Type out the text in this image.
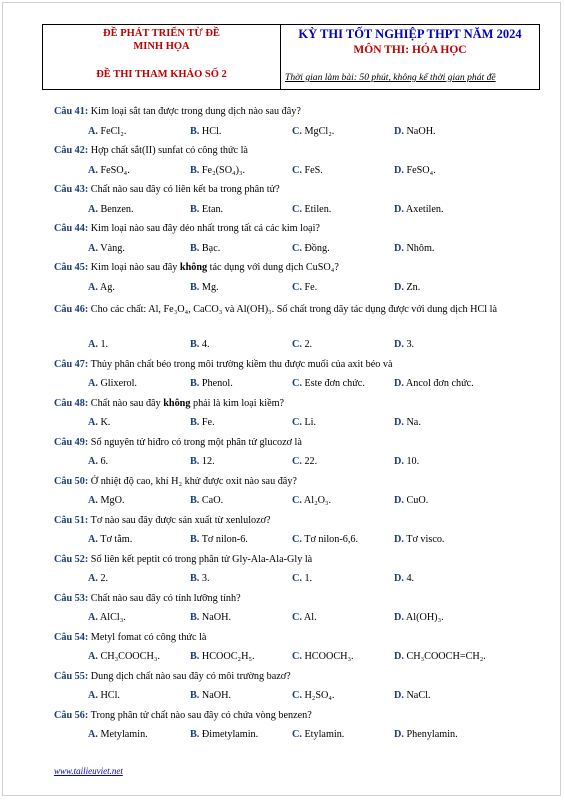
ĐỀ PHÁT TRIỂN TỪ ĐỀ
MINH HỌA
ĐỀ THI THAM KHẢO SỐ 2
KỲ THI TỐT NGHIỆP THPT NĂM 2024
MÔN THI: HÓA HỌC
Thời gian làm bài: 50 phút, không kể thời gian phát đề
Câu 41: Kim loại sắt tan được trong dung dịch nào sau đây?
A. FeCl₂.	B. HCl.	C. MgCl₂.	D. NaOH.
Câu 42: Hợp chất sắt(II) sunfat có công thức là
A. FeSO₄.	B. Fe₂(SO₄)₃.	C. FeS.	D. FeSO₄.
Câu 43: Chất nào sau đây có liên kết ba trong phân tử?
A. Benzen.	B. Etan.	C. Etilen.	D. Axetilen.
Câu 44: Kim loại nào sau đây dẻo nhất trong tất cả các kim loại?
A. Vàng.	B. Bạc.	C. Đồng.	D. Nhôm.
Câu 45: Kim loại nào sau đây không tác dụng với dung dịch CuSO₄?
A. Ag.	B. Mg.	C. Fe.	D. Zn.
Câu 46: Cho các chất: Al, Fe₃O₄, CaCO₃ và Al(OH)₃. Số chất trong dãy tác dụng được với dung dịch HCl là
A. 1.	B. 4.	C. 2.	D. 3.
Câu 47: Thủy phân chất béo trong môi trường kiềm thu được muối của axit béo và
A. Glixerol.	B. Phenol.	C. Este đơn chức.	D. Ancol đơn chức.
Câu 48: Chất nào sau đây không phải là kim loại kiềm?
A. K.	B. Fe.	C. Li.	D. Na.
Câu 49: Số nguyên tử hiđro có trong một phân tử glucozơ là
A. 6.	B. 12.	C. 22.	D. 10.
Câu 50: Ở nhiệt độ cao, khí H₂ khử được oxit nào sau đây?
A. MgO.	B. CaO.	C. Al₂O₃.	D. CuO.
Câu 51: Tơ nào sau đây được sản xuất từ xenlulozơ?
A. Tơ tằm.	B. Tơ nilon-6.	C. Tơ nilon-6,6.	D. Tơ visco.
Câu 52: Số liên kết peptit có trong phân tử Gly-Ala-Ala-Gly là
A. 2.	B. 3.	C. 1.	D. 4.
Câu 53: Chất nào sau đây có tính lưỡng tính?
A. AlCl₃.	B. NaOH.	C. Al.	D. Al(OH)₃.
Câu 54: Metyl fomat có công thức là
A. CH₃COOCH₃.	B. HCOOC₂H₅.	C. HCOOCH₃.	D. CH₃COOCH=CH₂.
Câu 55: Dung dịch chất nào sau đây có môi trường bazơ?
A. HCl.	B. NaOH.	C. H₂SO₄.	D. NaCl.
Câu 56: Trong phân tử chất nào sau đây có chứa vòng benzen?
A. Metylamin.	B. Đimetylamin.	C. Etylamin.	D. Phenylamin.
www.tailieuviet.net
